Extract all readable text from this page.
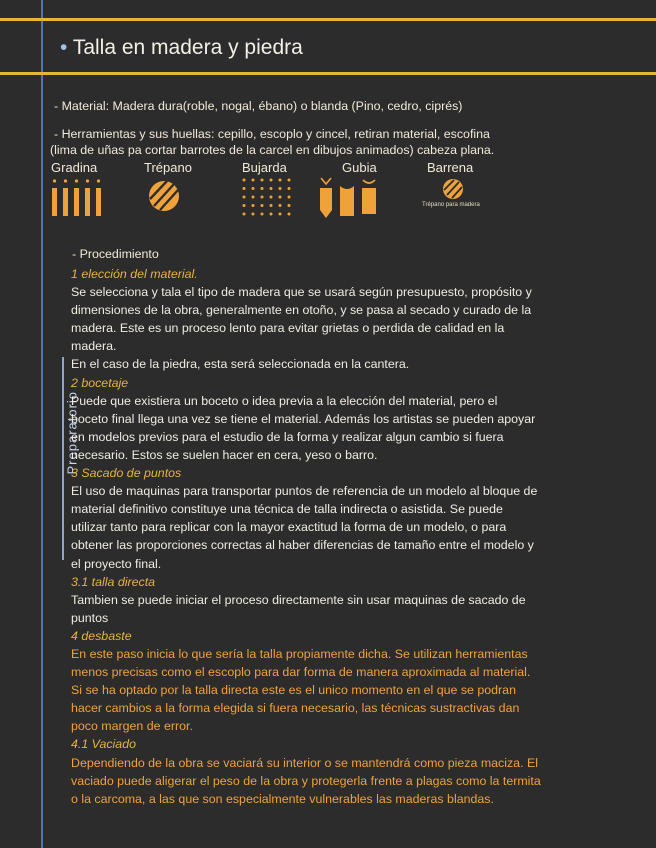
• Talla en madera y piedra
- Material: Madera dura(roble, nogal, ébano) o blanda (Pino, cedro, ciprés)
- Herramientas y sus huellas: cepillo, escoplo y cincel, retiran material, escofina
(lima de uñas pa cortar barrotes de la carcel en dibujos animados) cabeza plana.
Gradina	Trépano	Bujarda	Gubia	Barrena
Trépano para madera
Preparatorio
- Procedimiento
1 elección del material.
Se selecciona y tala el tipo de madera que se usará según presupuesto, propósito y
dimensiones de la obra, generalmente en otoño, y se pasa al secado y curado de la
madera. Este es un proceso lento para evitar grietas o perdida de calidad en la
madera.
En el caso de la piedra, esta será seleccionada en la cantera.
2 bocetaje
Puede que existiera un boceto o idea previa a la elección del material, pero el
boceto final llega una vez se tiene el material. Además los artistas se pueden apoyar
en modelos previos para el estudio de la forma y realizar algun cambio si fuera
necesario. Estos se suelen hacer en cera, yeso o barro.
3 Sacado de puntos
El uso de maquinas para transportar puntos de referencia de un modelo al bloque de
material definitivo constituye una técnica de talla indirecta o asistida. Se puede
utilizar tanto para replicar con la mayor exactitud la forma de un modelo, o para
obtener las proporciones correctas al haber diferencias de tamaño entre el modelo y
el proyecto final.
3.1 talla directa
Tambien se puede iniciar el proceso directamente sin usar maquinas de sacado de
puntos
4 desbaste
En este paso inicia lo que sería la talla propiamente dicha. Se utilizan herramientas
menos precisas como el escoplo para dar forma de manera aproximada al material.
Si se ha optado por la talla directa este es el unico momento en el que se podran
hacer cambios a la forma elegida si fuera necesario, las técnicas sustractivas dan
poco margen de error.
4.1 Vaciado
Dependiendo de la obra se vaciará su interior o se mantendrá como pieza maciza. El
vaciado puede aligerar el peso de la obra y protegerla frente a plagas como la termita
o la carcoma, a las que son especialmente vulnerables las maderas blandas.
